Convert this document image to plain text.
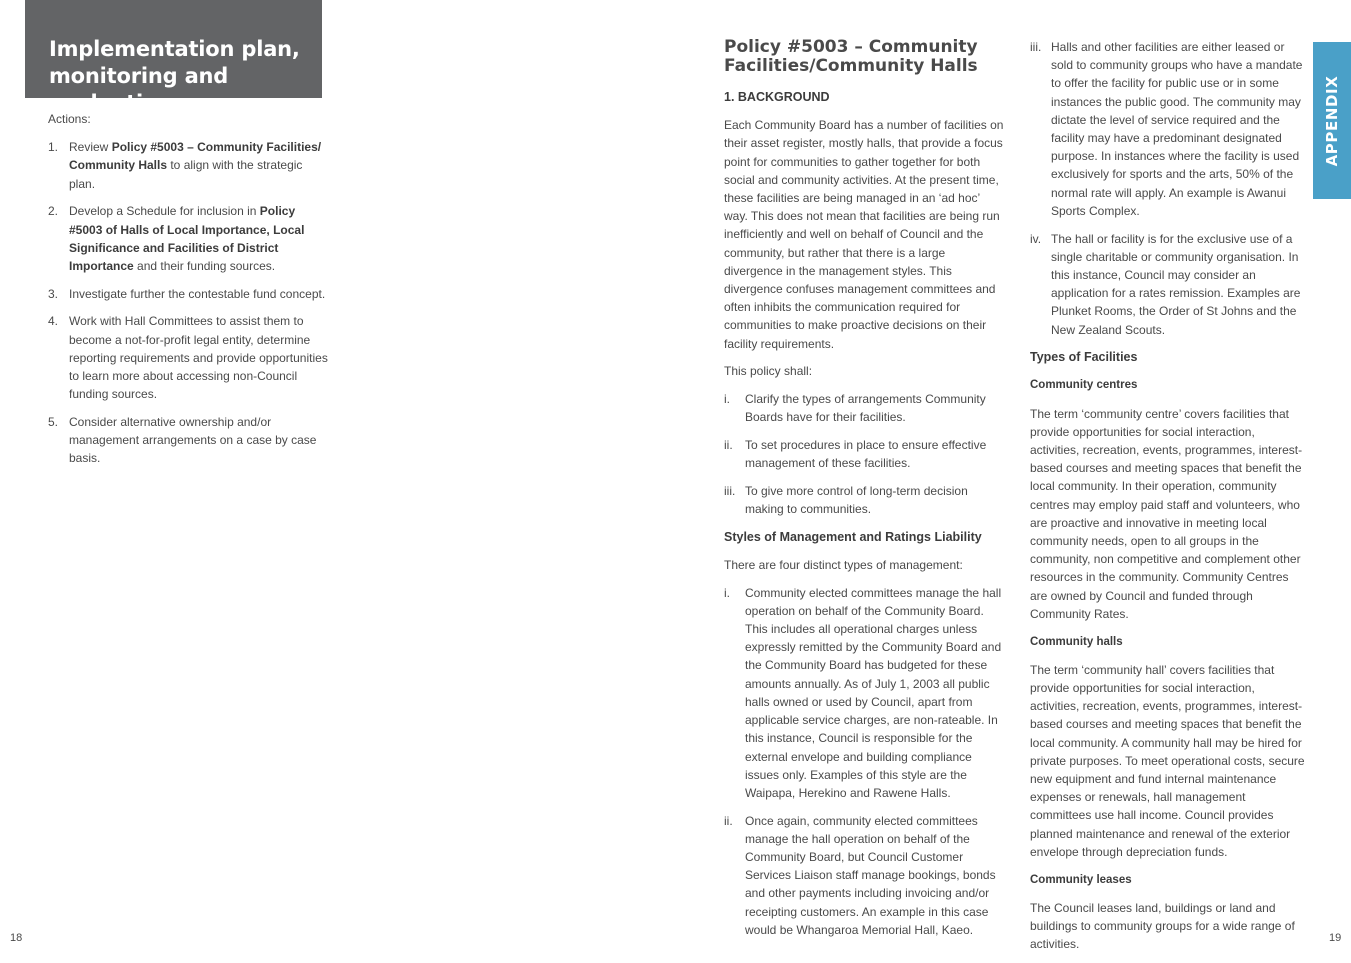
Implementation plan,
monitoring and evaluation

Actions:

1. Review Policy #5003 – Community Facilities/ Community Halls to align with the strategic plan.
2. Develop a Schedule for inclusion in Policy #5003 of Halls of Local Importance, Local Significance and Facilities of District Importance and their funding sources.
3. Investigate further the contestable fund concept.
4. Work with Hall Committees to assist them to become a not-for-profit legal entity, determine reporting requirements and provide opportunities to learn more about accessing non-Council funding sources.
5. Consider alternative ownership and/or management arrangements on a case by case basis.
18
Policy #5003 – Community
Facilities/Community Halls
1. BACKGROUND

Each Community Board has a number of facilities on their asset register, mostly halls, that provide a focus point for communities to gather together for both social and community activities. At the present time, these facilities are being managed in an ‘ad hoc’ way. This does not mean that facilities are being run inefficiently and well on behalf of Council and the community, but rather that there is a large divergence in the management styles. This divergence confuses management committees and often inhibits the communication required for communities to make proactive decisions on their facility requirements.

This policy shall:

i. Clarify the types of arrangements Community Boards have for their facilities.
ii. To set procedures in place to ensure effective management of these facilities.
iii. To give more control of long-term decision making to communities.
Styles of Management and Ratings Liability

There are four distinct types of management:

i. Community elected committees manage the hall operation on behalf of the Community Board. This includes all operational charges unless expressly remitted by the Community Board and the Community Board has budgeted for these amounts annually. As of July 1, 2003 all public halls owned or used by Council, apart from applicable service charges, are non-rateable. In this instance, Council is responsible for the external envelope and building compliance issues only. Examples of this style are the Waipapa, Herekino and Rawene Halls.
ii. Once again, community elected committees manage the hall operation on behalf of the Community Board, but Council Customer Services Liaison staff manage bookings, bonds and other payments including invoicing and/or receipting customers. An example in this case would be Whangaroa Memorial Hall, Kaeo.
iii. Halls and other facilities are either leased or sold to community groups who have a mandate to offer the facility for public use or in some instances the public good. The community may dictate the level of service required and the facility may have a predominant designated purpose. In instances where the facility is used exclusively for sports and the arts, 50% of the normal rate will apply. An example is Awanui Sports Complex.
iv. The hall or facility is for the exclusive use of a single charitable or community organisation. In this instance, Council may consider an application for a rates remission. Examples are Plunket Rooms, the Order of St Johns and the New Zealand Scouts.
Types of Facilities
Community centres

The term ‘community centre’ covers facilities that provide opportunities for social interaction, activities, recreation, events, programmes, interest-based courses and meeting spaces that benefit the local community. In their operation, community centres may employ paid staff and volunteers, who are proactive and innovative in meeting local community needs, open to all groups in the community, non competitive and complement other resources in the community. Community Centres are owned by Council and funded through Community Rates.

Community halls

The term ‘community hall’ covers facilities that provide opportunities for social interaction, activities, recreation, events, programmes, interest-based courses and meeting spaces that benefit the local community. A community hall may be hired for private purposes. To meet operational costs, secure new equipment and fund internal maintenance expenses or renewals, hall management committees use hall income. Council provides planned maintenance and renewal of the exterior envelope through depreciation funds.

Community leases

The Council leases land, buildings or land and buildings to community groups for a wide range of activities.

APPENDIX
19
